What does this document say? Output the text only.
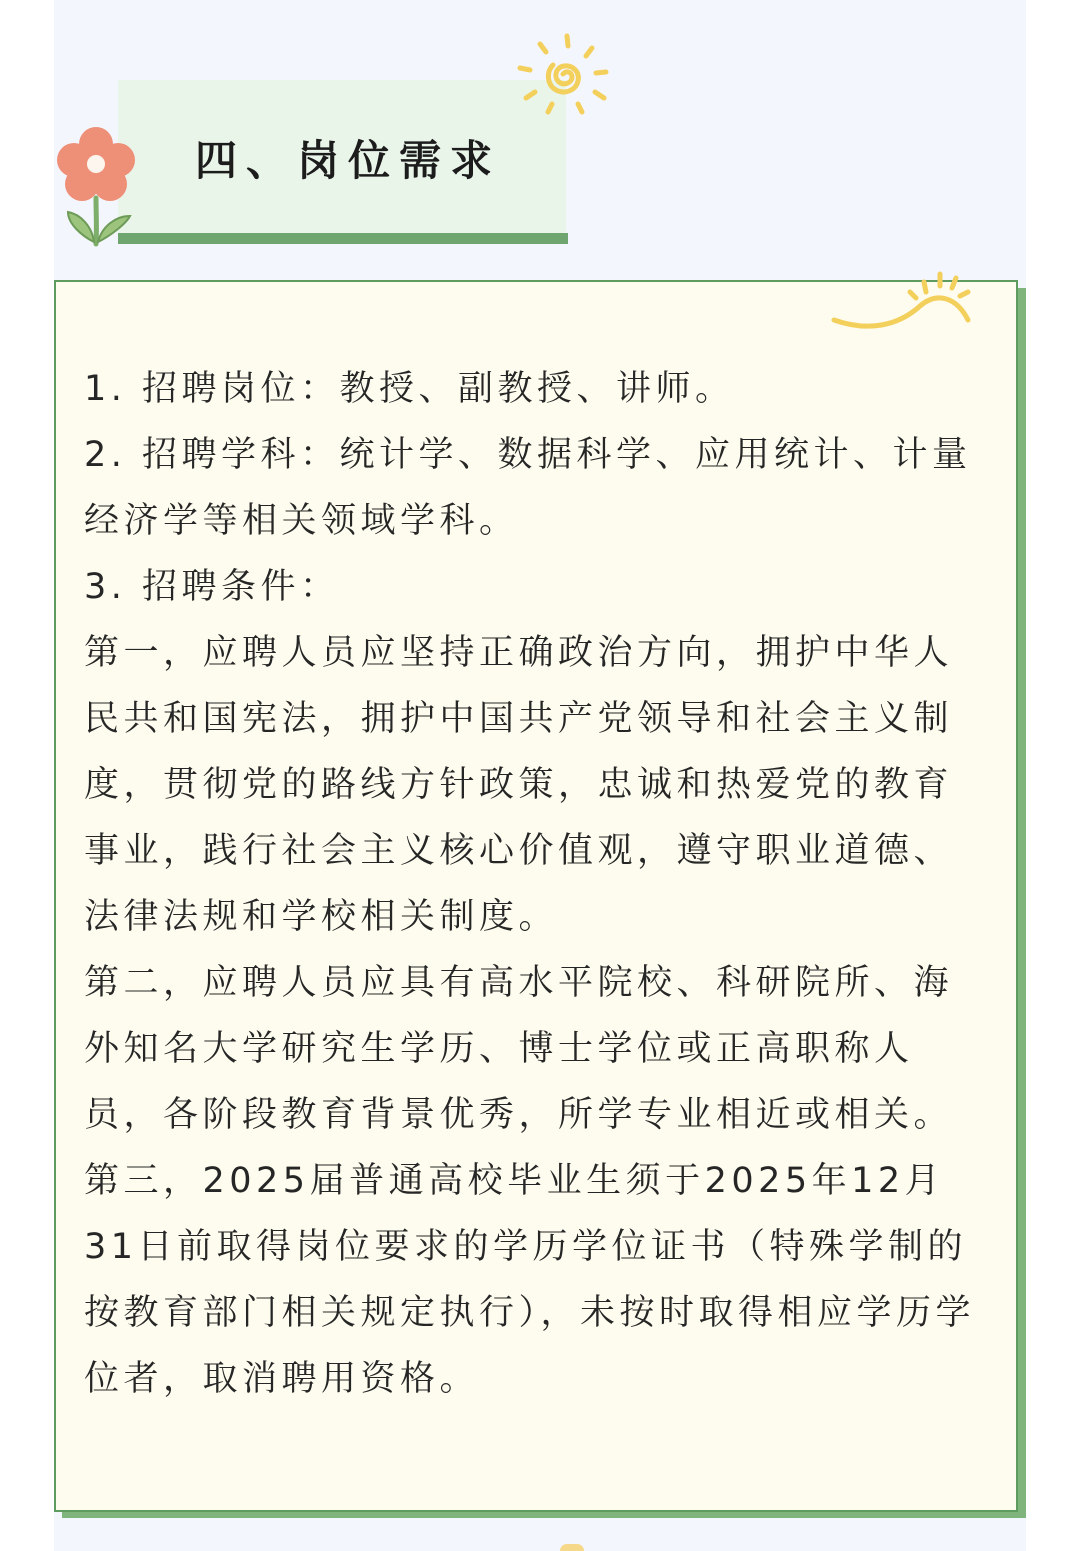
四、岗位需求

1. 招聘岗位：教授、副教授、讲师。

2. 招聘学科：统计学、数据科学、应用统计、计量经济学等相关领域学科。

3. 招聘条件：

第一，应聘人员应坚持正确政治方向，拥护中华人民共和国宪法，拥护中国共产党领导和社会主义制度，贯彻党的路线方针政策，忠诚和热爱党的教育事业，践行社会主义核心价值观，遵守职业道德、法律法规和学校相关制度。

第二，应聘人员应具有高水平院校、科研院所、海外知名大学研究生学历、博士学位或正高职称人员，各阶段教育背景优秀，所学专业相近或相关。

第三，2025届普通高校毕业生须于2025年12月31日前取得岗位要求的学历学位证书（特殊学制的按教育部门相关规定执行），未按时取得相应学历学位者，取消聘用资格。
